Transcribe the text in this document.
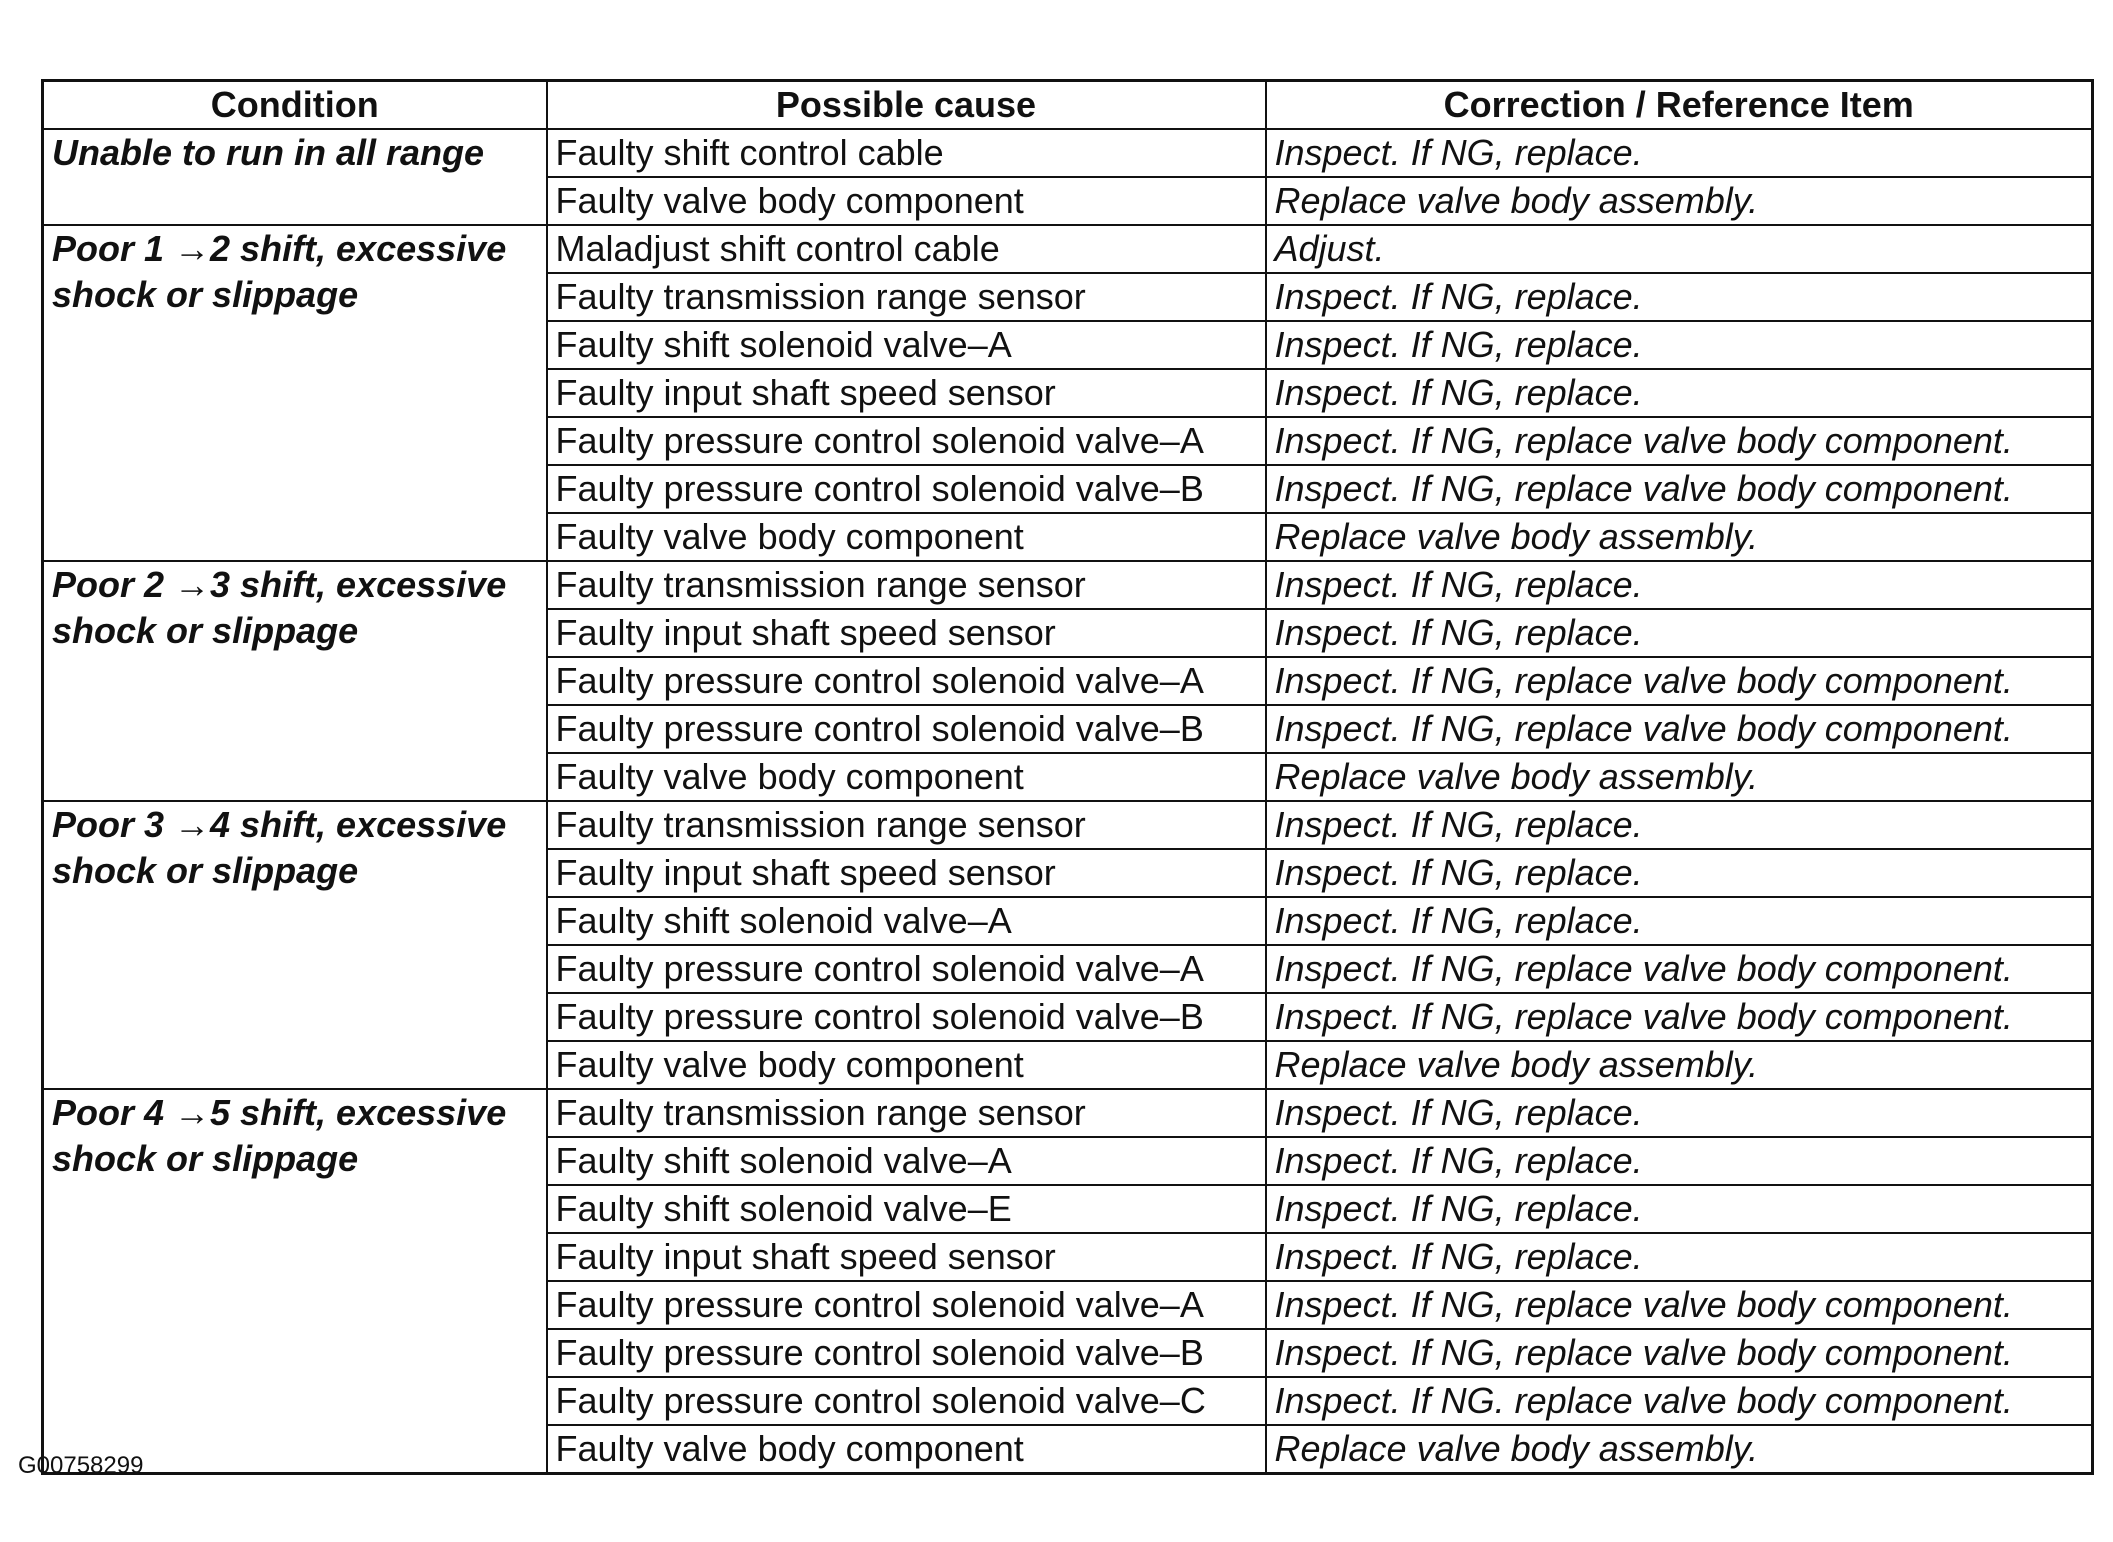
Condition	Possible cause	Correction / Reference Item
Unable to run in all range	Faulty shift control cable	Inspect. If NG, replace.
	Faulty valve body component	Replace valve body assembly.
Poor 1 →2 shift, excessive shock or slippage	Maladjust shift control cable	Adjust.
	Faulty transmission range sensor	Inspect. If NG, replace.
	Faulty shift solenoid valve–A	Inspect. If NG, replace.
	Faulty input shaft speed sensor	Inspect. If NG, replace.
	Faulty pressure control solenoid valve–A	Inspect. If NG, replace valve body component.
	Faulty pressure control solenoid valve–B	Inspect. If NG, replace valve body component.
	Faulty valve body component	Replace valve body assembly.
Poor 2 →3 shift, excessive shock or slippage	Faulty transmission range sensor	Inspect. If NG, replace.
	Faulty input shaft speed sensor	Inspect. If NG, replace.
	Faulty pressure control solenoid valve–A	Inspect. If NG, replace valve body component.
	Faulty pressure control solenoid valve–B	Inspect. If NG, replace valve body component.
	Faulty valve body component	Replace valve body assembly.
Poor 3 →4 shift, excessive shock or slippage	Faulty transmission range sensor	Inspect. If NG, replace.
	Faulty input shaft speed sensor	Inspect. If NG, replace.
	Faulty shift solenoid valve–A	Inspect. If NG, replace.
	Faulty pressure control solenoid valve–A	Inspect. If NG, replace valve body component.
	Faulty pressure control solenoid valve–B	Inspect. If NG, replace valve body component.
	Faulty valve body component	Replace valve body assembly.
Poor 4 →5 shift, excessive shock or slippage	Faulty transmission range sensor	Inspect. If NG, replace.
	Faulty shift solenoid valve–A	Inspect. If NG, replace.
	Faulty shift solenoid valve–E	Inspect. If NG, replace.
	Faulty input shaft speed sensor	Inspect. If NG, replace.
	Faulty pressure control solenoid valve–A	Inspect. If NG, replace valve body component.
	Faulty pressure control solenoid valve–B	Inspect. If NG, replace valve body component.
	Faulty pressure control solenoid valve–C	Inspect. If NG. replace valve body component.
	Faulty valve body component	Replace valve body assembly.
G00758299
